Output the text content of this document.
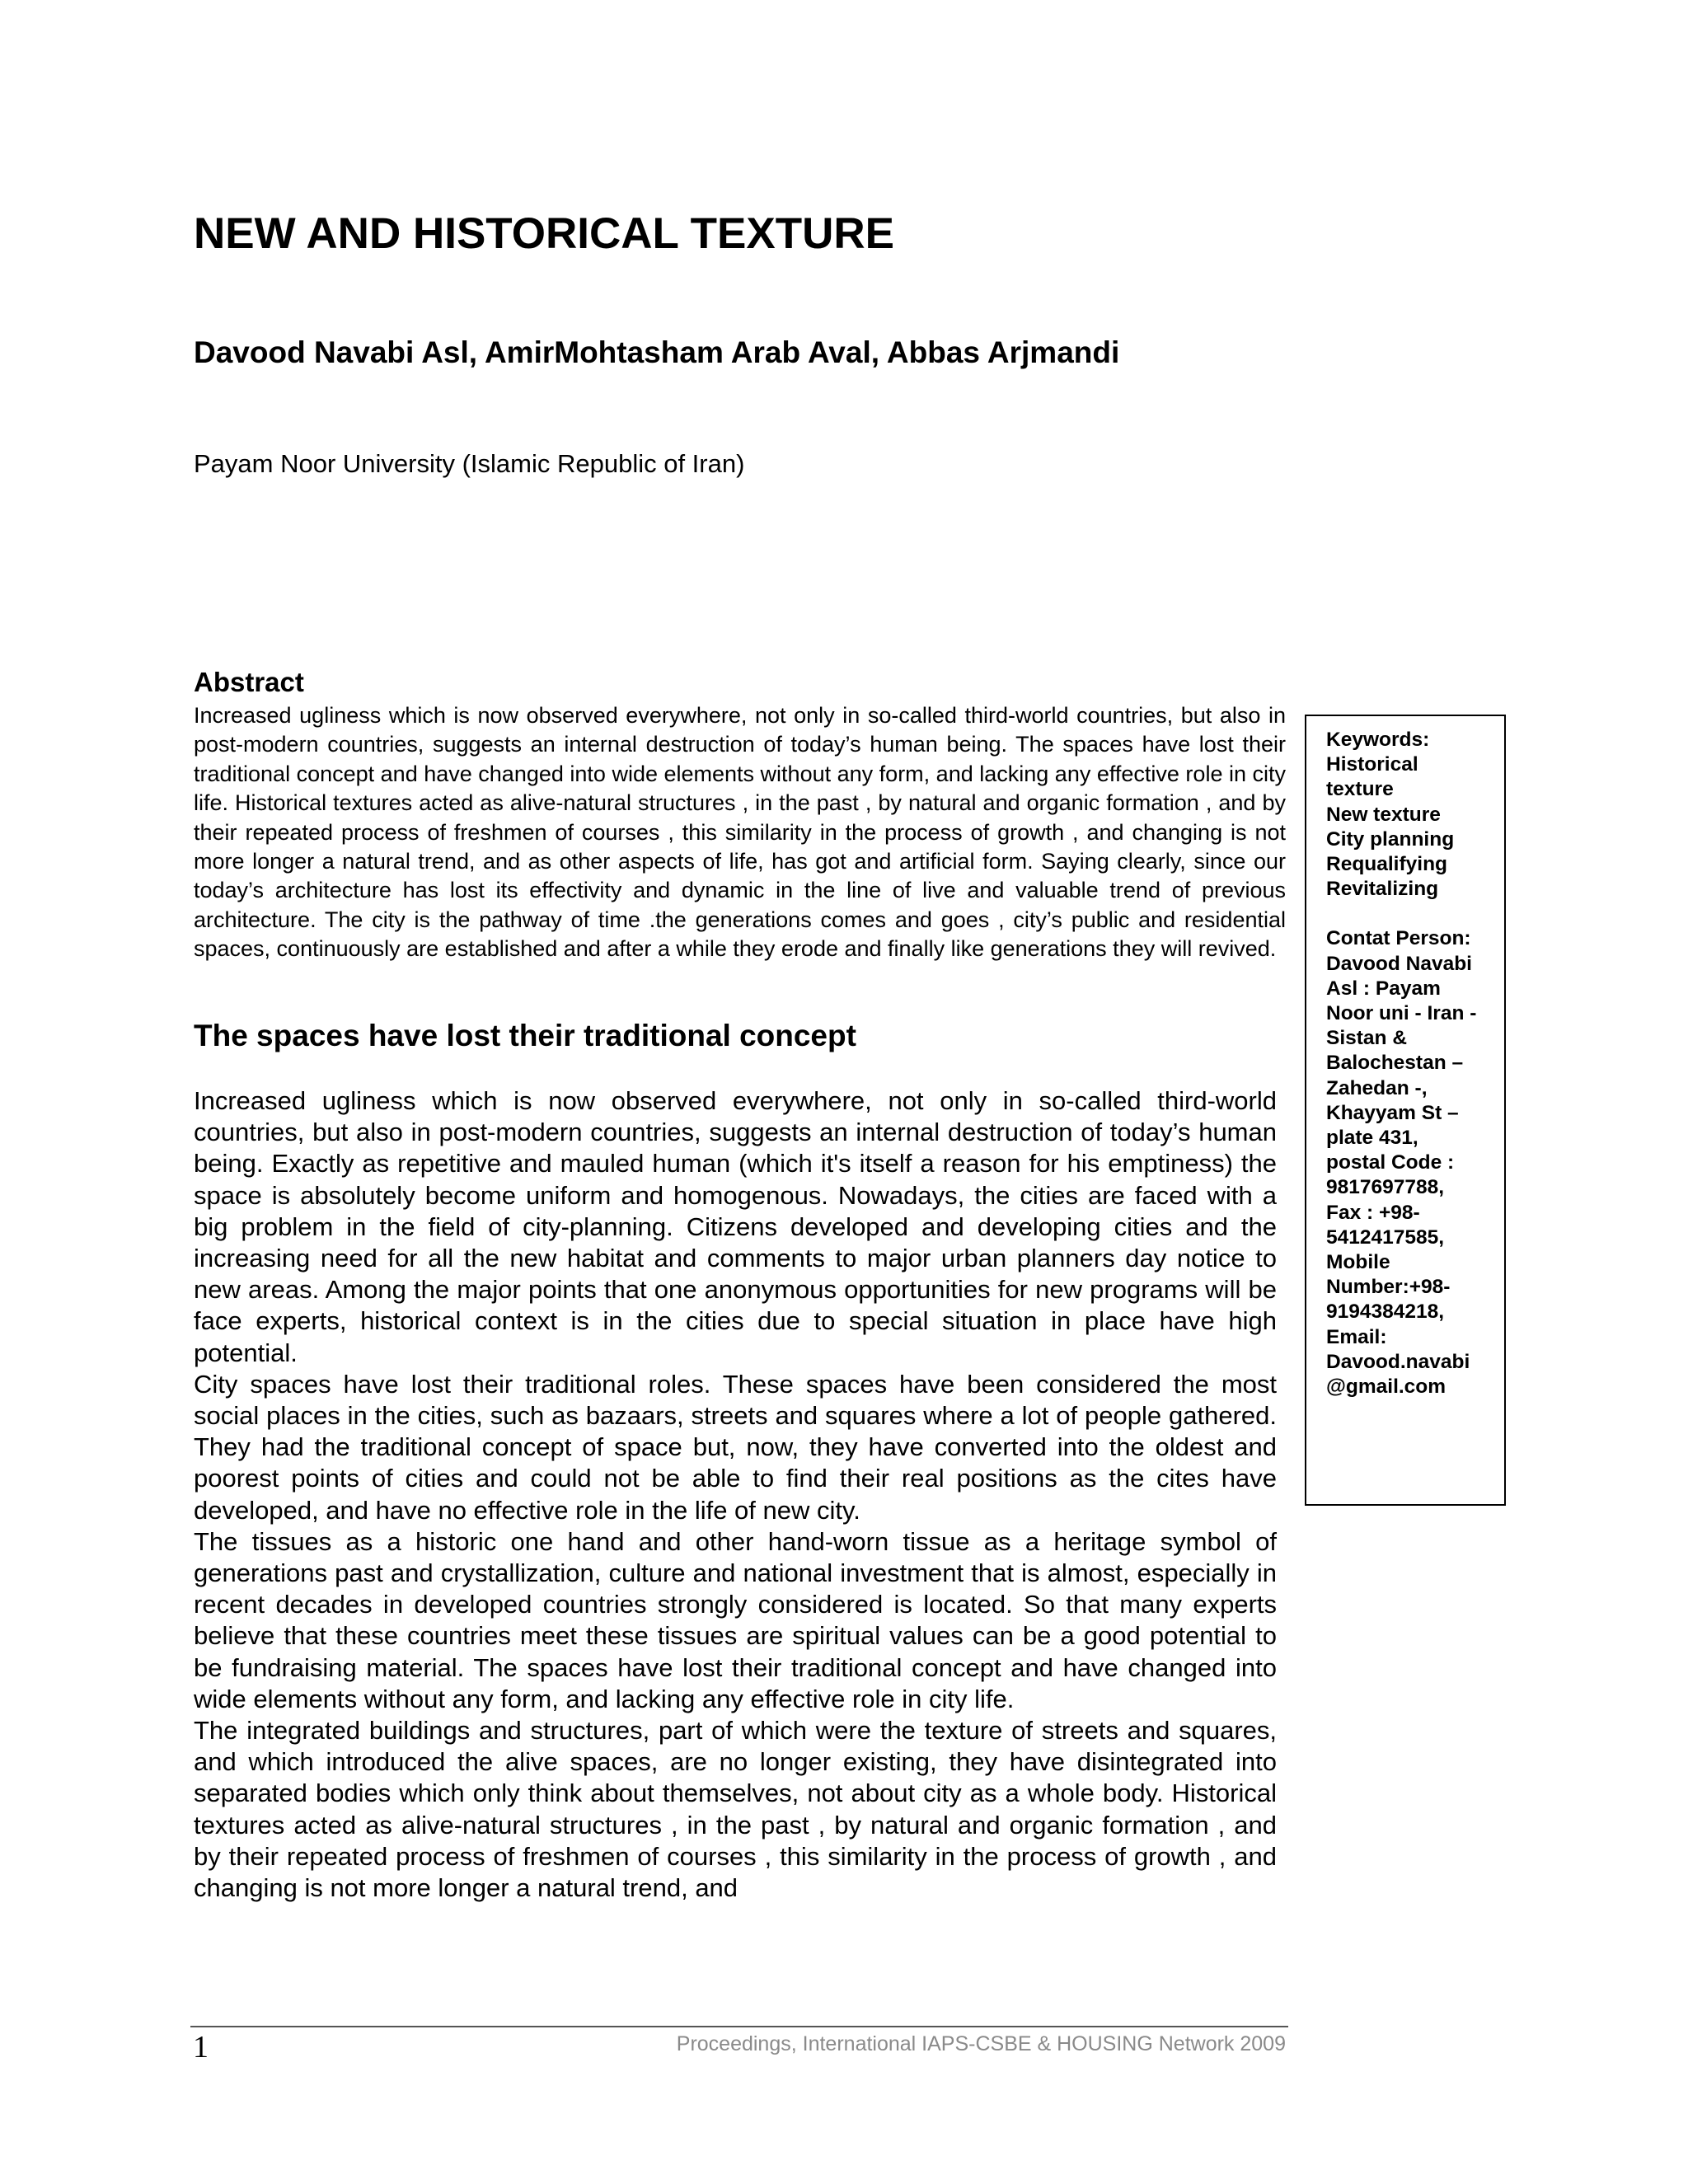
NEW AND HISTORICAL TEXTURE
Davood Navabi Asl, AmirMohtasham Arab Aval, Abbas Arjmandi
Payam Noor University (Islamic Republic of Iran)
Abstract

Increased ugliness which is now observed everywhere, not only in so-called third-world countries, but also in post-modern countries, suggests an internal destruction of today’s human being. The spaces have lost their traditional concept and have changed into wide elements without any form, and lacking any effective role in city life. Historical textures acted as alive-natural structures , in the past , by natural and organic formation , and by their repeated process of freshmen of courses , this similarity in the process of growth , and changing is not more longer a natural trend, and as other aspects of life, has got and artificial form. Saying clearly, since our today’s architecture has lost its effectivity and dynamic in the line of live and valuable trend of previous architecture. The city is the pathway of time .the generations comes and goes , city’s public and residential spaces, continuously are established and after a while they erode and finally like generations they will revived.

The spaces have lost their traditional concept

Increased ugliness which is now observed everywhere, not only in so-called third-world countries, but also in post-modern countries, suggests an internal destruction of today’s human being. Exactly as repetitive and mauled human (which it's itself a reason for his emptiness) the space is absolutely become uniform and homogenous. Nowadays, the cities are faced with a big problem in the field of city-planning. Citizens developed and developing cities and the increasing need for all the new habitat and comments to major urban planners day notice to new areas. Among the major points that one anonymous opportunities for new programs will be face experts, historical context is in the cities due to special situation in place have high potential.

City spaces have lost their traditional roles. These spaces have been considered the most social places in the cities, such as bazaars, streets and squares where a lot of people gathered. They had the traditional concept of space but, now, they have converted into the oldest and poorest points of cities and could not be able to find their real positions as the cites have developed, and have no effective role in the life of new city.

The tissues as a historic one hand and other hand-worn tissue as a heritage symbol of generations past and crystallization, culture and national investment that is almost, especially in recent decades in developed countries strongly considered is located. So that many experts believe that these countries meet these tissues are spiritual values can be a good potential to be fundraising material. The spaces have lost their traditional concept and have changed into wide elements without any form, and lacking any effective role in city life.

The integrated buildings and structures, part of which were the texture of streets and squares, and which introduced the alive spaces, are no longer existing, they have disintegrated into separated bodies which only think about themselves, not about city as a whole body. Historical textures acted as alive-natural structures , in the past , by natural and organic formation , and by their repeated process of freshmen of courses , this similarity in the process of growth , and changing is not more longer a natural trend, and

Keywords:
Historical
texture
New texture
City planning
Requalifying
Revitalizing
Contat Person:
Davood Navabi
Asl : Payam
Noor uni - Iran -
Sistan &
Balochestan –
Zahedan -,
Khayyam St –
plate 431,
postal Code :
9817697788,
Fax : +98-
5412417585,
Mobile
Number:+98-
9194384218,
Email:
Davood.navabi
@gmail.com
1	Proceedings, International IAPS-CSBE & HOUSING Network 2009
